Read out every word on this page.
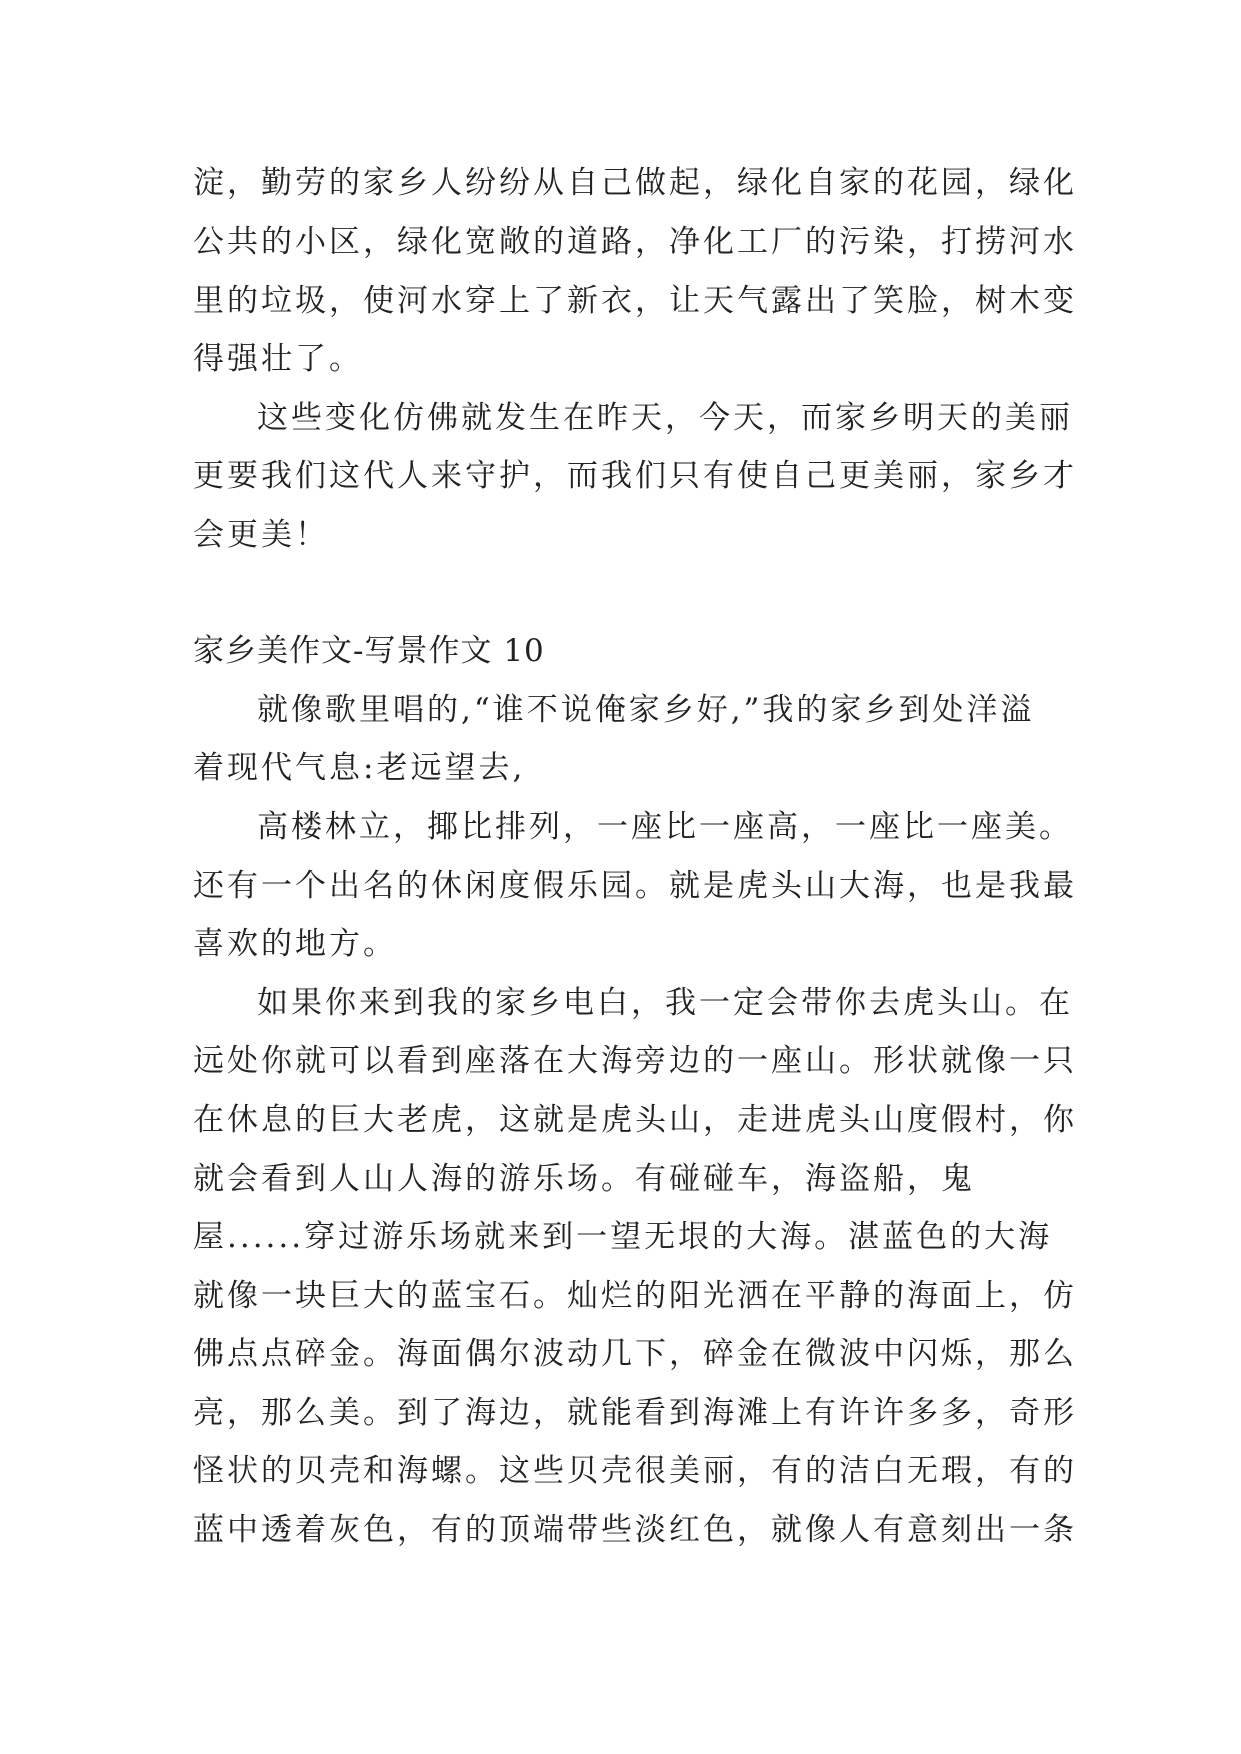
淀，勤劳的家乡人纷纷从自己做起，绿化自家的花园，绿化
公共的小区，绿化宽敞的道路，净化工厂的污染，打捞河水
里的垃圾，使河水穿上了新衣，让天气露出了笑脸，树木变
得强壮了。
这些变化仿佛就发生在昨天，今天，而家乡明天的美丽
更要我们这代人来守护，而我们只有使自己更美丽，家乡才
会更美！
家乡美作文-写景作文 10
就像歌里唱的,“谁不说俺家乡好,”我的家乡到处洋溢
着现代气息:老远望去,
高楼林立，揶比排列，一座比一座高，一座比一座美。
还有一个出名的休闲度假乐园。就是虎头山大海，也是我最
喜欢的地方。
如果你来到我的家乡电白，我一定会带你去虎头山。在
远处你就可以看到座落在大海旁边的一座山。形状就像一只
在休息的巨大老虎，这就是虎头山，走进虎头山度假村，你
就会看到人山人海的游乐场。有碰碰车，海盗船，鬼
屋......穿过游乐场就来到一望无垠的大海。湛蓝色的大海
就像一块巨大的蓝宝石。灿烂的阳光洒在平静的海面上，仿
佛点点碎金。海面偶尔波动几下，碎金在微波中闪烁，那么
亮，那么美。到了海边，就能看到海滩上有许许多多，奇形
怪状的贝壳和海螺。这些贝壳很美丽，有的洁白无瑕，有的
蓝中透着灰色，有的顶端带些淡红色，就像人有意刻出一条
